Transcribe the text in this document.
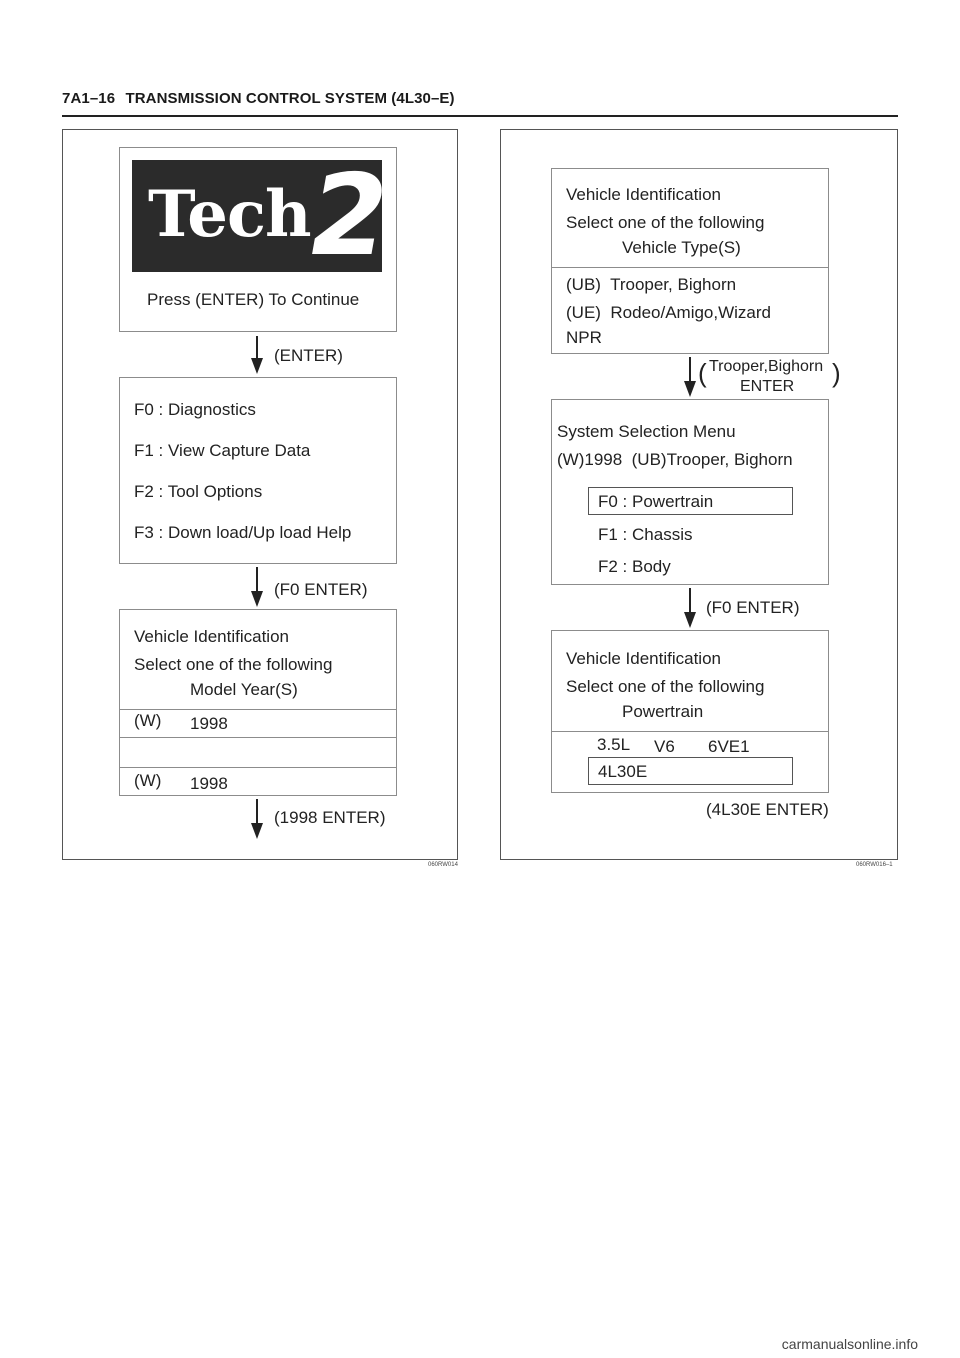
7A1–16 TRANSMISSION CONTROL SYSTEM (4L30–E)
Tech
2
Press (ENTER) To Continue
(ENTER)
F0 : Diagnostics
F1 : View Capture Data
F2 : Tool Options
F3 : Down load/Up load Help
(F0 ENTER)
Vehicle Identification
Select one of the following
Model Year(S)
(W) 1998
(W) 1998
(1998 ENTER)
060RW014
Vehicle Identification
Select one of the following
Vehicle Type(S)
(UB)  Trooper, Bighorn
(UE)  Rodeo/Amigo,Wizard
NPR
( Trooper,Bighorn
ENTER )
System Selection Menu
(W)1998  (UB)Trooper, Bighorn
F0 : Powertrain
F1 : Chassis
F2 : Body
(F0 ENTER)
Vehicle Identification
Select one of the following
Powertrain
3.5L V6 6VE1
4L30E
(4L30E ENTER)
060RW016–1
carmanualsonline.info
